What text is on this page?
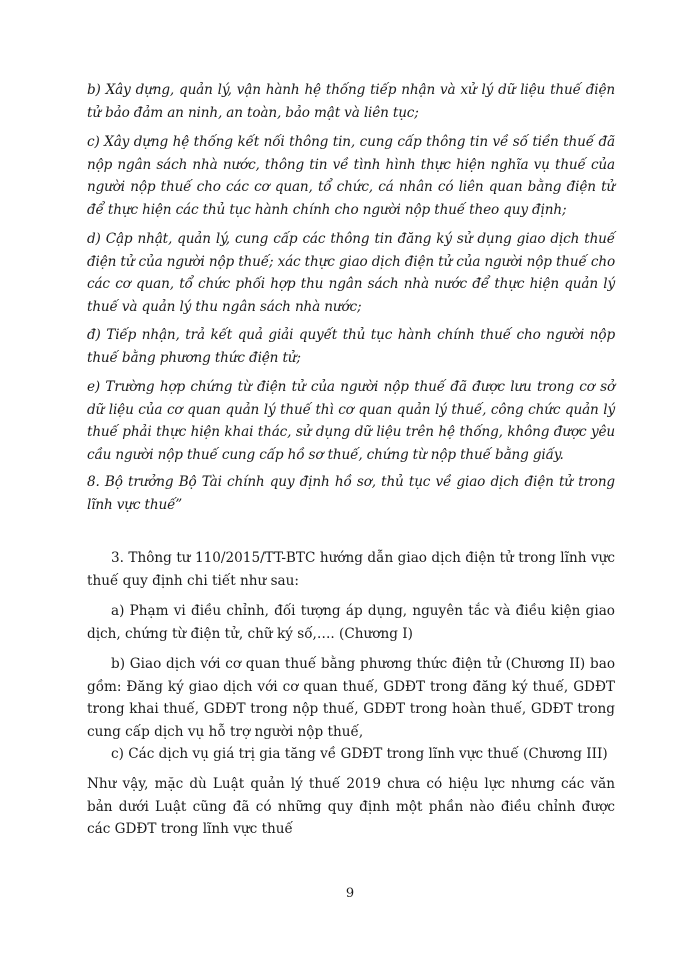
b) Xây dựng, quản lý, vận hành hệ thống tiếp nhận và xử lý dữ liệu thuế điện tử bảo đảm an ninh, an toàn, bảo mật và liên tục;

c) Xây dựng hệ thống kết nối thông tin, cung cấp thông tin về số tiền thuế đã nộp ngân sách nhà nước, thông tin về tình hình thực hiện nghĩa vụ thuế của người nộp thuế cho các cơ quan, tổ chức, cá nhân có liên quan bằng điện tử để thực hiện các thủ tục hành chính cho người nộp thuế theo quy định;

d) Cập nhật, quản lý, cung cấp các thông tin đăng ký sử dụng giao dịch thuế điện tử của người nộp thuế; xác thực giao dịch điện tử của người nộp thuế cho các cơ quan, tổ chức phối hợp thu ngân sách nhà nước để thực hiện quản lý thuế và quản lý thu ngân sách nhà nước;

đ) Tiếp nhận, trả kết quả giải quyết thủ tục hành chính thuế cho người nộp thuế bằng phương thức điện tử;

e) Trường hợp chứng từ điện tử của người nộp thuế đã được lưu trong cơ sở dữ liệu của cơ quan quản lý thuế thì cơ quan quản lý thuế, công chức quản lý thuế phải thực hiện khai thác, sử dụng dữ liệu trên hệ thống, không được yêu cầu người nộp thuế cung cấp hồ sơ thuế, chứng từ nộp thuế bằng giấy.

8. Bộ trưởng Bộ Tài chính quy định hồ sơ, thủ tục về giao dịch điện tử trong lĩnh vực thuế”

3. Thông tư 110/2015/TT-BTC hướng dẫn giao dịch điện tử trong lĩnh vực thuế quy định chi tiết như sau:

a) Phạm vi điều chỉnh, đối tượng áp dụng, nguyên tắc và điều kiện giao dịch, chứng từ điện tử, chữ ký số,…. (Chương I)

b) Giao dịch với cơ quan thuế bằng phương thức điện tử (Chương II) bao gồm: Đăng ký giao dịch với cơ quan thuế, GDĐT trong đăng ký thuế, GDĐT trong khai thuế, GDĐT trong nộp thuế, GDĐT trong hoàn thuế, GDĐT trong cung cấp dịch vụ hỗ trợ người nộp thuế,

c) Các dịch vụ giá trị gia tăng về GDĐT trong lĩnh vực thuế (Chương III)

Như vậy, mặc dù Luật quản lý thuế 2019 chưa có hiệu lực nhưng các văn bản dưới Luật cũng đã có những quy định một phần nào điều chỉnh được các GDĐT trong lĩnh vực thuế

9
